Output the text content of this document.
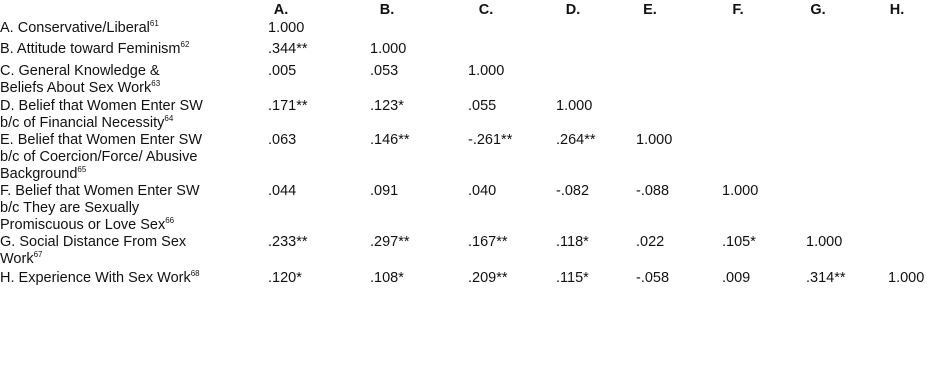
A.	B.	C.	D.	E.	F.	G.	H.
A. Conservative/Liberal$^{61}$	1.000
B. Attitude toward Feminism$^{62}$	.344**	1.000
C. General Knowledge &
Beliefs About Sex Work$^{63}$
.005	.053	1.000
D. Belief that Women Enter SW
b/c of Financial Necessity$^{64}$
.171**	.123*	.055	1.000
E. Belief that Women Enter SW
b/c of Coercion/Force/ Abusive
Background$^{65}$
.063	.146**	-.261**	.264**	1.000
F. Belief that Women Enter SW
b/c They are Sexually
Promiscuous or Love Sex$^{66}$
.044	.091	.040	-.082	-.088	1.000
G. Social Distance From Sex
Work$^{67}$
.233**	.297**	.167**	.118*	.022	.105*	1.000
H. Experience With Sex Work$^{68}$	.120*	.108*	.209**	.115*	-.058	.009	.314**	1.000
